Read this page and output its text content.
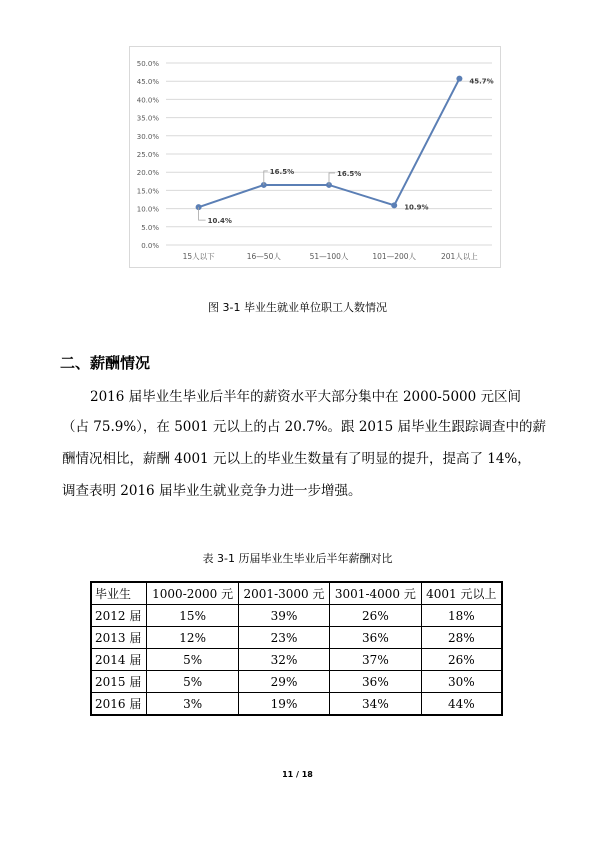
0.0%
5.0%
10.0%
15.0%
20.0%
25.0%
30.0%
35.0%
40.0%
45.0%
50.0%
15人以下	16—50人	51—100人	101—200人	201人以上
10.4%
16.5%	16.5%
10.9%
45.7%
图 3-1 毕业生就业单位职工人数情况
二、薪酬情况
2016 届毕业生毕业后半年的薪资水平大部分集中在 2000-5000 元区间
（占 75.9%），在 5001 元以上的占 20.7%。跟 2015 届毕业生跟踪调查中的薪
酬情况相比，薪酬 4001 元以上的毕业生数量有了明显的提升，提高了 14%，
调查表明 2016 届毕业生就业竞争力进一步增强。
表 3-1 历届毕业生毕业后半年薪酬对比
毕业生	1000-2000 元	2001-3000 元	3001-4000 元	4001 元以上
2012 届	15%	39%	26%	18%
2013 届	12%	23%	36%	28%
2014 届	5%	32%	37%	26%
2015 届	5%	29%	36%	30%
2016 届	3%	19%	34%	44%
11 / 18
